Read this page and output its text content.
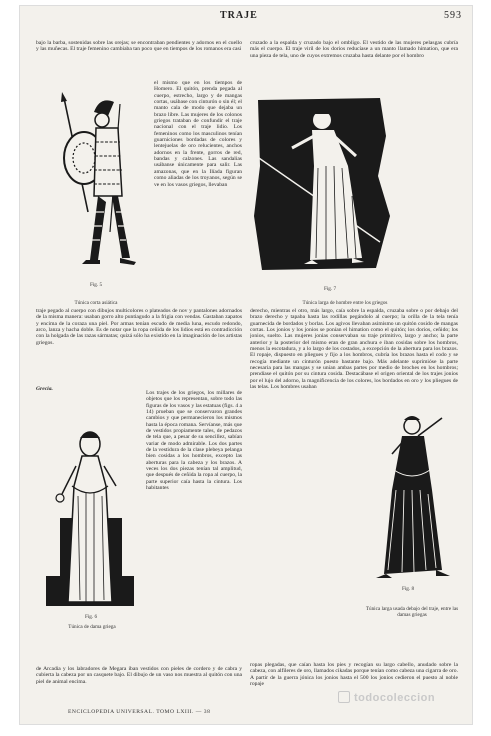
TRAJE	593
bajo la barba, sostenidas sobre las orejas; se encontraban pendientes y adornos en el cuello y las muñecas. El traje femenino cambiaba tan poco que en tiempos de los romanos era casi
Fig. 5
Túnica corta asiática
el mismo que en los tiempos de Homero. El quitón, prenda pegada al cuerpo, estrecho, largo y de mangas cortas, usábase con cinturón o sin él; el manto cala de modo que dejaba un brazo libre. Las mujeres de los colonos griegos trataban de confundir el traje nacional con el traje lidio. Los femeninos como los masculinos tenían guarniciones bordadas de colores y lentejuelas de oro relucientes, anchos adornos en la frente, gorros de red, bandas y calzones. Las sandalias usábanse únicamente para salir. Las amazonas, que en la Ilíada figuran como aliadas de los troyanos, según se ve en los vasos griegos, llevaban
traje pegado al cuerpo con dibujos multicolores o plateados de nov y pantalones adornados de la misma manera: usaban gorro alto puntiagudo a la frigia con vendas. Gastaban zapatos y encima de la coraza una piel. Por armas tenían escudo de media luna, escudo redondo, arco, lanza y hacha doble. Es de notar que la ropa ceñida de los lidios está en contradicción con la holgada de las razas sármatas; quizá sólo ha existido en la imaginación de los artistas griegos.
Grecia.
Fig. 6
Túnica de dama griega
Los trajes de los griegos, los millares de objetos que los representan, sobre todo las figuras de los vasos y las estatuas (figs. 4 a 14) prueban que se conservaron grandes cambios y que permanecieron los mismos hasta la época romana. Servíanse, más que de vestidos propiamente tales, de pedazos de tela que, a pesar de su sencillez, sabían variar de modo admirable. Los dos partes de la vestidura de la clase plebeya pelanga bien cosidas a los hombros, excepto las aberturas para la cabeza y los brazos. A veces los dos piezas tenían tal amplitud, que después de ceñida la ropa al cuerpo, la parte superior caía hasta la cintura. Los habitantes
de Arcadia y los labradores de Megara iban vestidos con pieles de cordero y de cabra y cubierta la cabeza por un casquete bajo. El dibujo de un vaso nos muestra al quitón con una piel de animal encima.
cruzado a la espalda y cruzado bajo el ombligo. El vestido de las mujeres pelasgas cubría más el cuerpo. El traje viril de los dorios reducíase a un manto llamado himation, que era una pieza de tela, uno de cuyos extremos cruzaba hasta delante por el hombro
Fig. 7
Túnica larga de hombre entre los griegos
derecho, mientras el otro, más largo, caía sobre la espalda, cruzaba sobre o por debajo del brazo derecho y tapaba hasta las rodillas pegándolo al cuerpo; la orilla de la tela tenía guarnecida de bordados y borlas. Los agivos llevaban asimismo un quitón cosido de mangas cortas. Los jonios y los jonios se ponían el himation como el quitón; los dorios, ceñido; los jonios, suelto. Las mujeres jonias conservaban su traje primitivo, largo y ancho; la parte anterior y la posterior del mismo eran de gran anchura e iban cosidas sobre los hombros, menos la escotadura, y a lo largo de los costados, a excepción de la abertura para los brazos. El ropaje, dispuesto en pliegues y fijo a los hombros, cubría los brazos hasta el codo y se recogía mediante un cinturón puesto bastante bajo. Más adelante suprimióse la parte necesaria para las mangas y se unían ambas partes por medio de broches en los hombros; prendíase el quitón por su cintura cosida. Destacábase el origen oriental de los trajes jonios por el lujo del adorno, la magnificencia de los colores, los bordados en oro y los pliegues de las telas. Los hombres usaban
Fig. 8
Túnica larga usada debajo del traje, entre las damas griegas
ropas plegadas, que caían hasta los pies y recogían su largo cabello, anudado sobre la cabeza, con alfileres de oro, llamados cikadas porque tenían como cabeza una cigarra de oro. A partir de la guerra jónica los jonios hasta el 500 los jonios cedieron el puesto al noble ropaje
ENCICLOPEDIA UNIVERSAL. TOMO LXIII. — 38
todocoleccion
